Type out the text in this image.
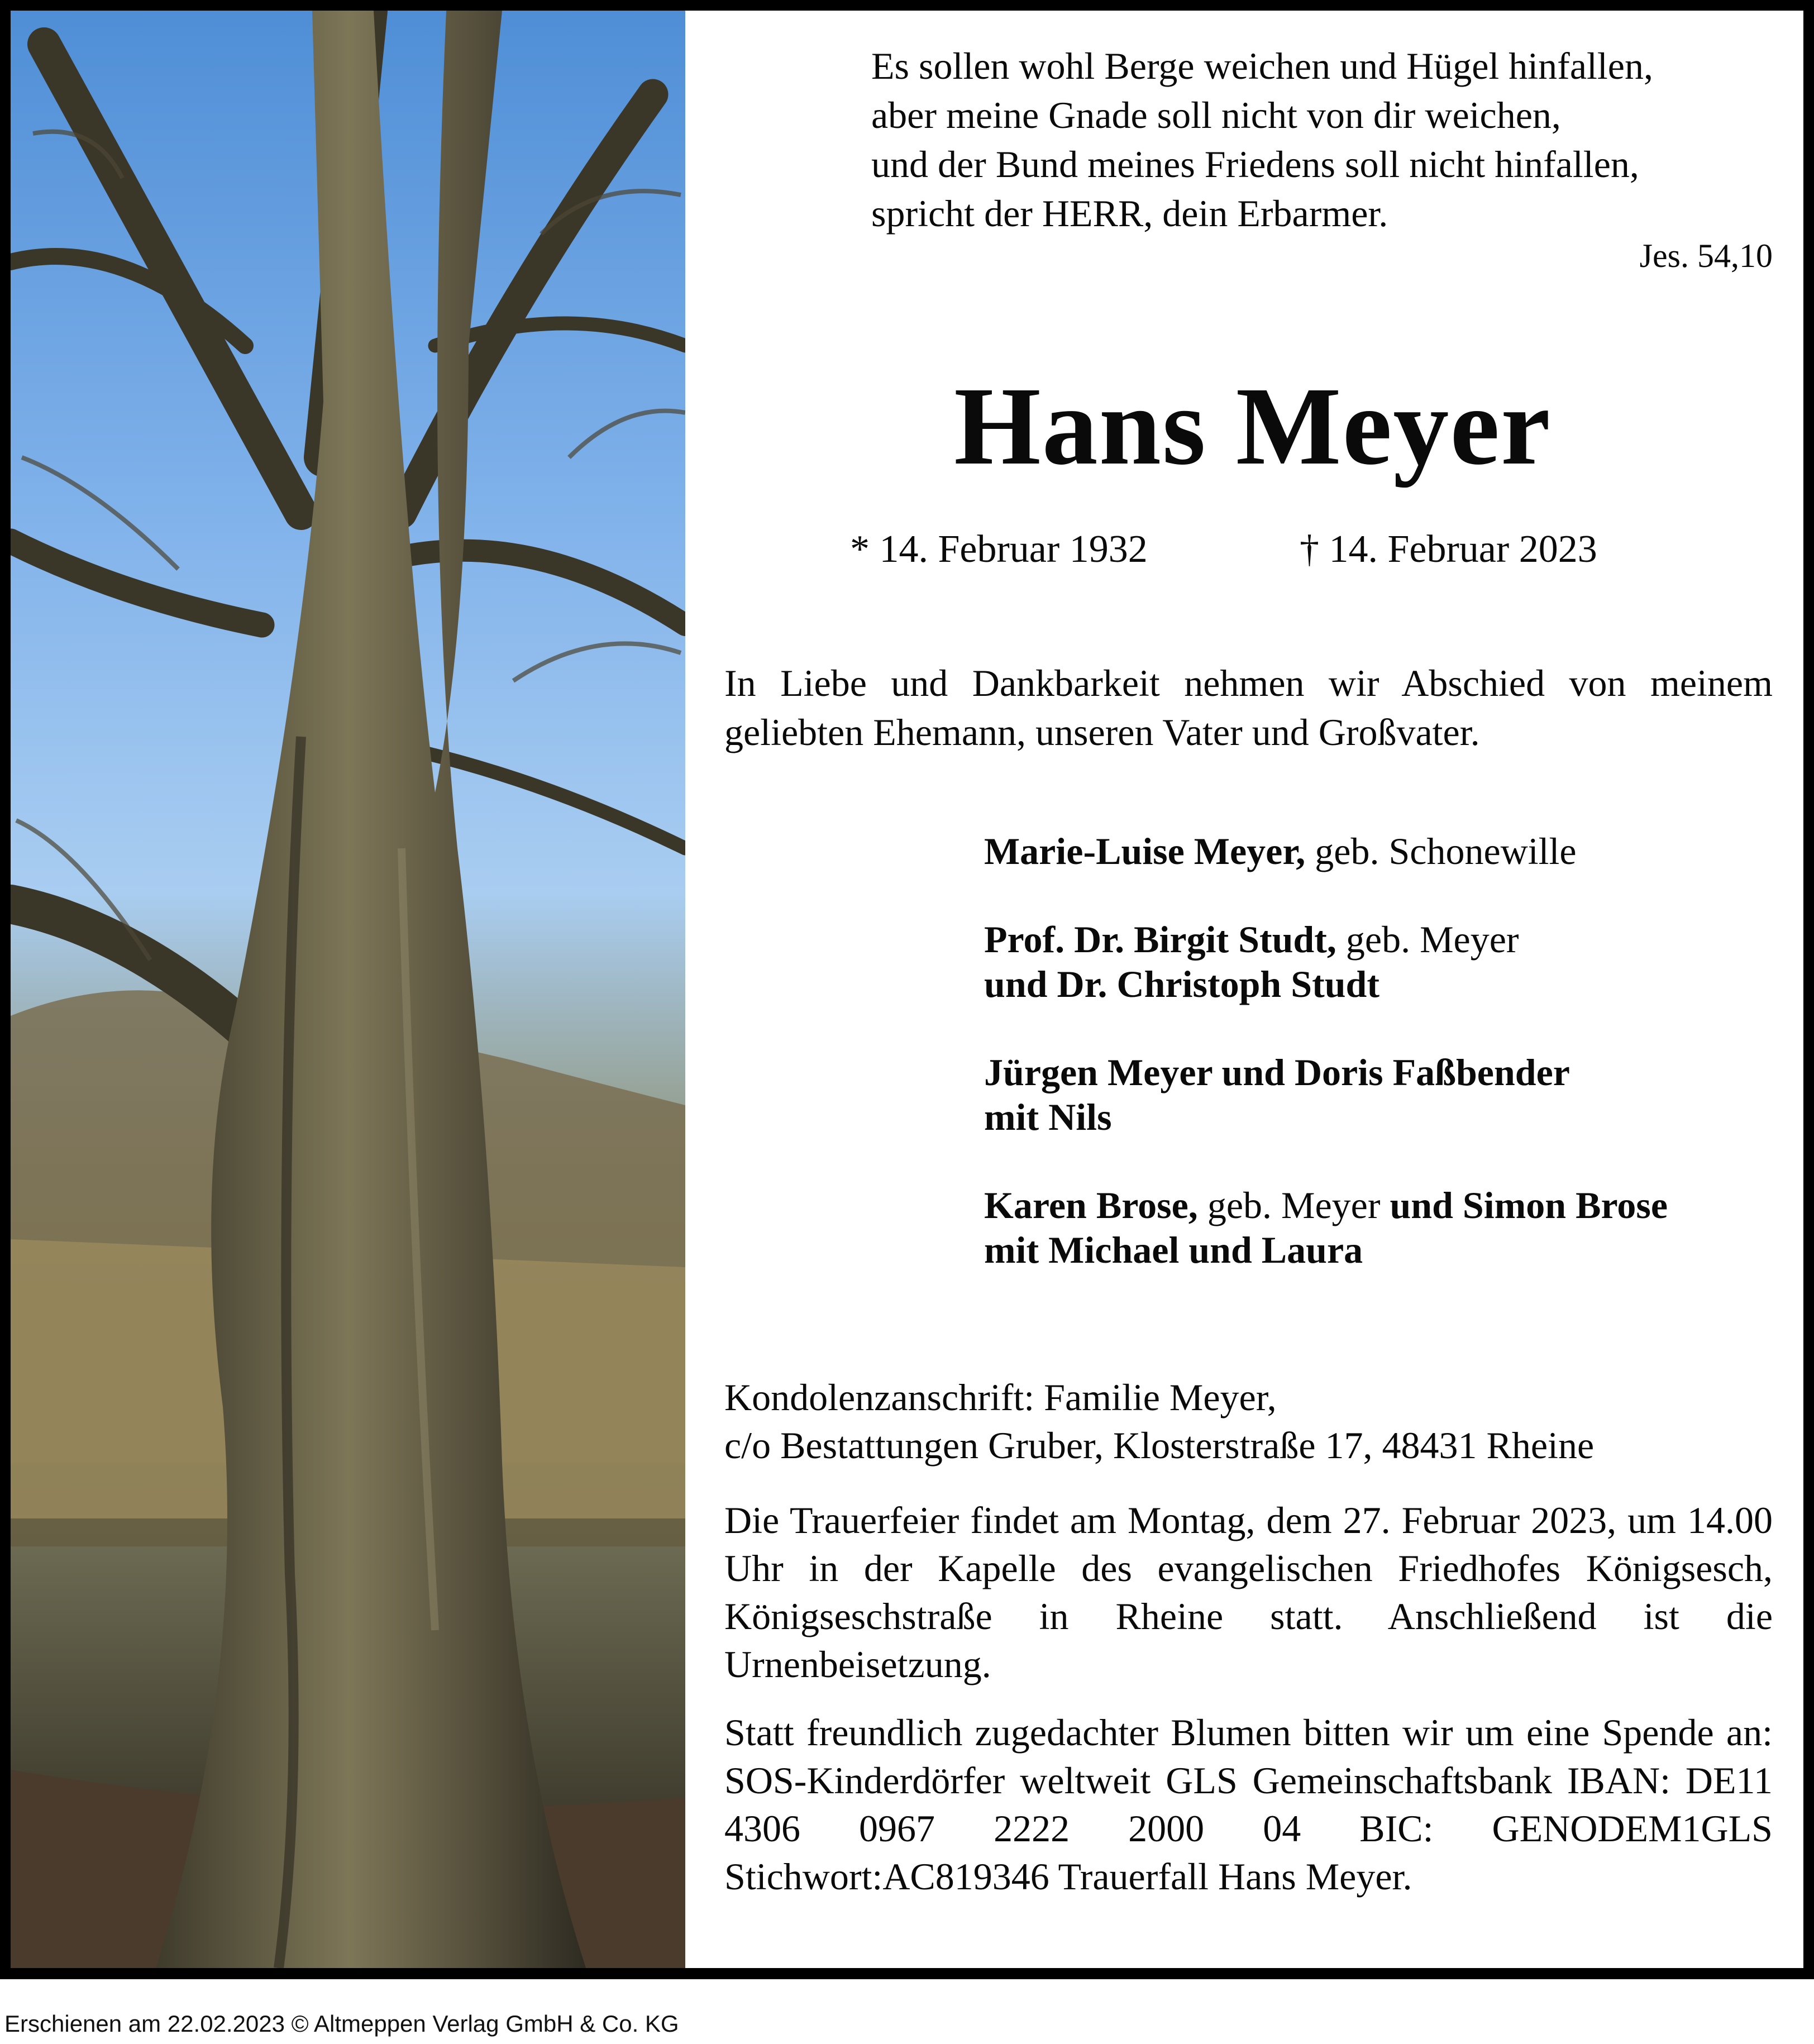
Es sollen wohl Berge weichen und Hügel hinfallen,
aber meine Gnade soll nicht von dir weichen,
und der Bund meines Friedens soll nicht hinfallen,
spricht der HERR, dein Erbarmer.
Jes. 54,10
Hans Meyer
* 14. Februar 1932	† 14. Februar 2023
In Liebe und Dankbarkeit nehmen wir Abschied von meinem geliebten Ehemann, unseren Vater und Großvater.
Marie-Luise Meyer, geb. Schonewille
Prof. Dr. Birgit Studt, geb. Meyer
und Dr. Christoph Studt
Jürgen Meyer und Doris Faßbender
mit Nils
Karen Brose, geb. Meyer und Simon Brose
mit Michael und Laura
Kondolenzanschrift: Familie Meyer,
c/o Bestattungen Gruber, Klosterstraße 17, 48431 Rheine
Die Trauerfeier findet am Montag, dem 27. Februar 2023, um 14.00 Uhr in der Kapelle des evangelischen Friedhofes Königsesch, Königseschstraße in Rheine statt. Anschließend ist die Urnenbeisetzung.
Statt freundlich zugedachter Blumen bitten wir um eine Spende an: SOS-Kinderdörfer weltweit GLS Gemeinschaftsbank IBAN: DE11 4306 0967 2222 2000 04 BIC: GENODEM1GLS Stichwort:AC819346 Trauerfall Hans Meyer.
Erschienen am 22.02.2023 © Altmeppen Verlag GmbH & Co. KG
